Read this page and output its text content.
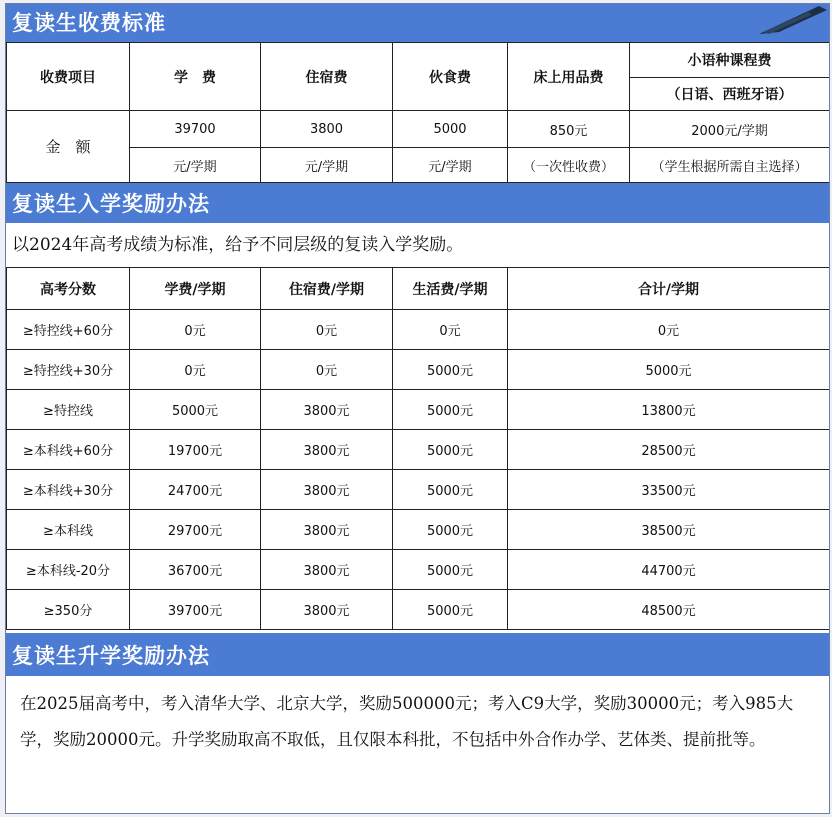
复读生收费标准
收费项目	学　费	住宿费	伙食费	床上用品费	小语种课程费
					（日语、西班牙语）
金　额	39700	3800	5000	850元	2000元/学期
	元/学期	元/学期	元/学期	（一次性收费）	（学生根据所需自主选择）
复读生入学奖励办法
以2024年高考成绩为标准，给予不同层级的复读入学奖励。
高考分数	学费/学期	住宿费/学期	生活费/学期	合计/学期
≥特控线+60分	0元	0元	0元	0元
≥特控线+30分	0元	0元	5000元	5000元
≥特控线	5000元	3800元	5000元	13800元
≥本科线+60分	19700元	3800元	5000元	28500元
≥本科线+30分	24700元	3800元	5000元	33500元
≥本科线	29700元	3800元	5000元	38500元
≥本科线-20分	36700元	3800元	5000元	44700元
≥350分	39700元	3800元	5000元	48500元
复读生升学奖励办法
在2025届高考中，考入清华大学、北京大学，奖励500000元；考入C9大学，奖励30000元；考入985大学，奖励20000元。升学奖励取高不取低，且仅限本科批，不包括中外合作办学、艺体类、提前批等。
